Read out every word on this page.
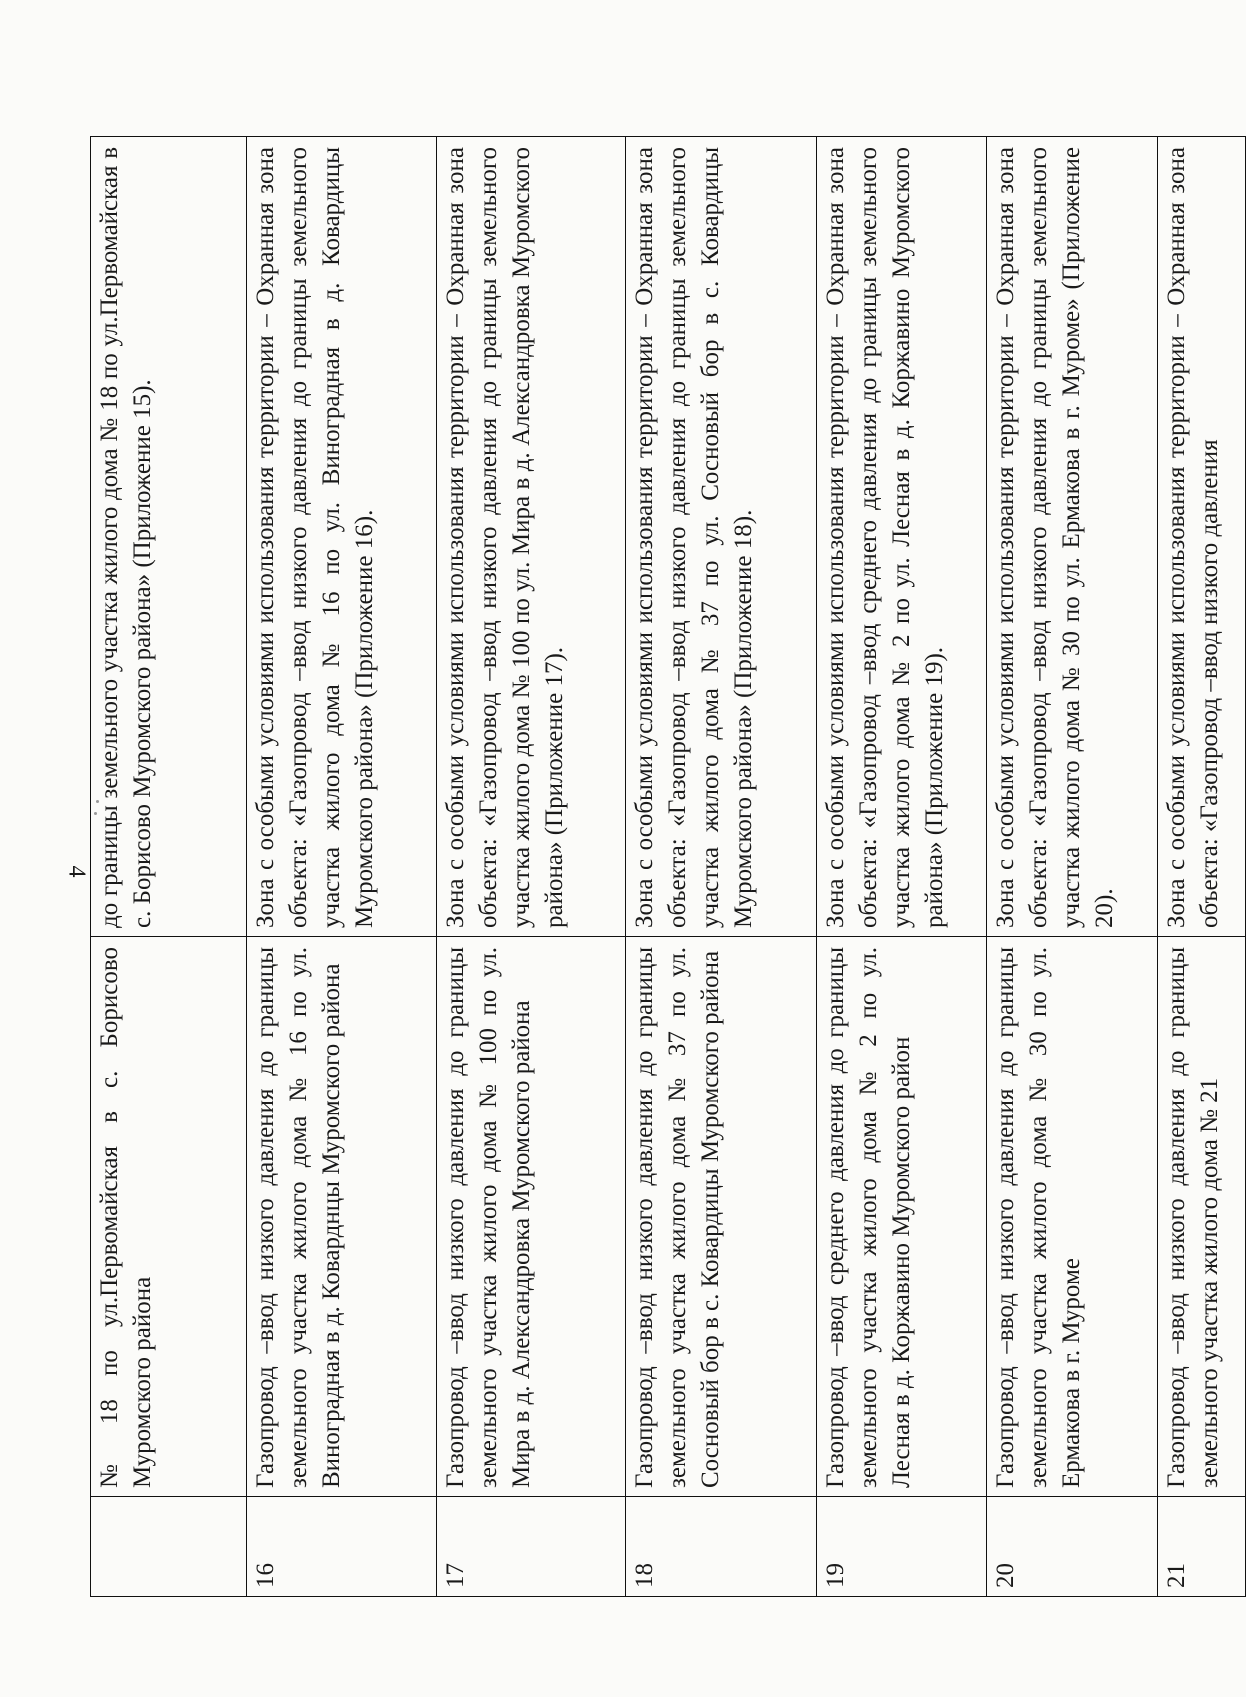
4
	№ 18 по ул.Первомайская в с. Борисово Муромского района	до границы земельного участка жилого дома № 18 по ул.Первомайская в с. Борисово Муромского района» (Приложение 15).
16	Газопровод –ввод низкого давления до границы земельного участка жилого дома № 16 по ул. Виноградная в д. Коварднцы Муромского района	Зона с особыми условиями использования территории – Охранная зона объекта: «Газопровод –ввод низкого давления до границы земельного участка жилого дома № 16 по ул. Виноградная в д. Ковардицы Муромского района» (Приложение 16).
17	Газопровод –ввод низкого давления до границы земельного участка жилого дома № 100 по ул. Мира в д. Александровка Муромского района	Зона с особыми условиями использования территории – Охранная зона объекта: «Газопровод –ввод низкого давления до границы земельного участка жилого дома № 100 по ул. Мира в д. Александровка Муромского района» (Приложение 17).
18	Газопровод –ввод низкого давления до границы земельного участка жилого дома № 37 по ул. Сосновый бор в с. Ковардицы Муромского района	Зона с особыми условиями использования территории – Охранная зона объекта: «Газопровод –ввод низкого давления до границы земельного участка жилого дома № 37 по ул. Сосновый бор в с. Ковардицы Муромского района» (Приложение 18).
19	Газопровод –ввод среднего давления до границы земельного участка жилого дома № 2 по ул. Лесная в д. Коржавино Муромского район	Зона с особыми условиями использования территории – Охранная зона объекта: «Газопровод –ввод среднего давления до границы земельного участка жилого дома № 2 по ул. Лесная в д. Коржавино Муромского района» (Приложение 19).
20	Газопровод –ввод низкого давления до границы земельного участка жилого дома № 30 по ул. Ермакова в г. Муроме	Зона с особыми условиями использования территории – Охранная зона объекта: «Газопровод –ввод низкого давления до границы земельного участка жилого дома № 30 по ул. Ермакова в г. Муроме» (Приложение 20).
21	Газопровод –ввод низкого давления до границы земельного участка жилого дома № 21	Зона с особыми условиями использования территории – Охранная зона объекта: «Газопровод –ввод низкого давления
